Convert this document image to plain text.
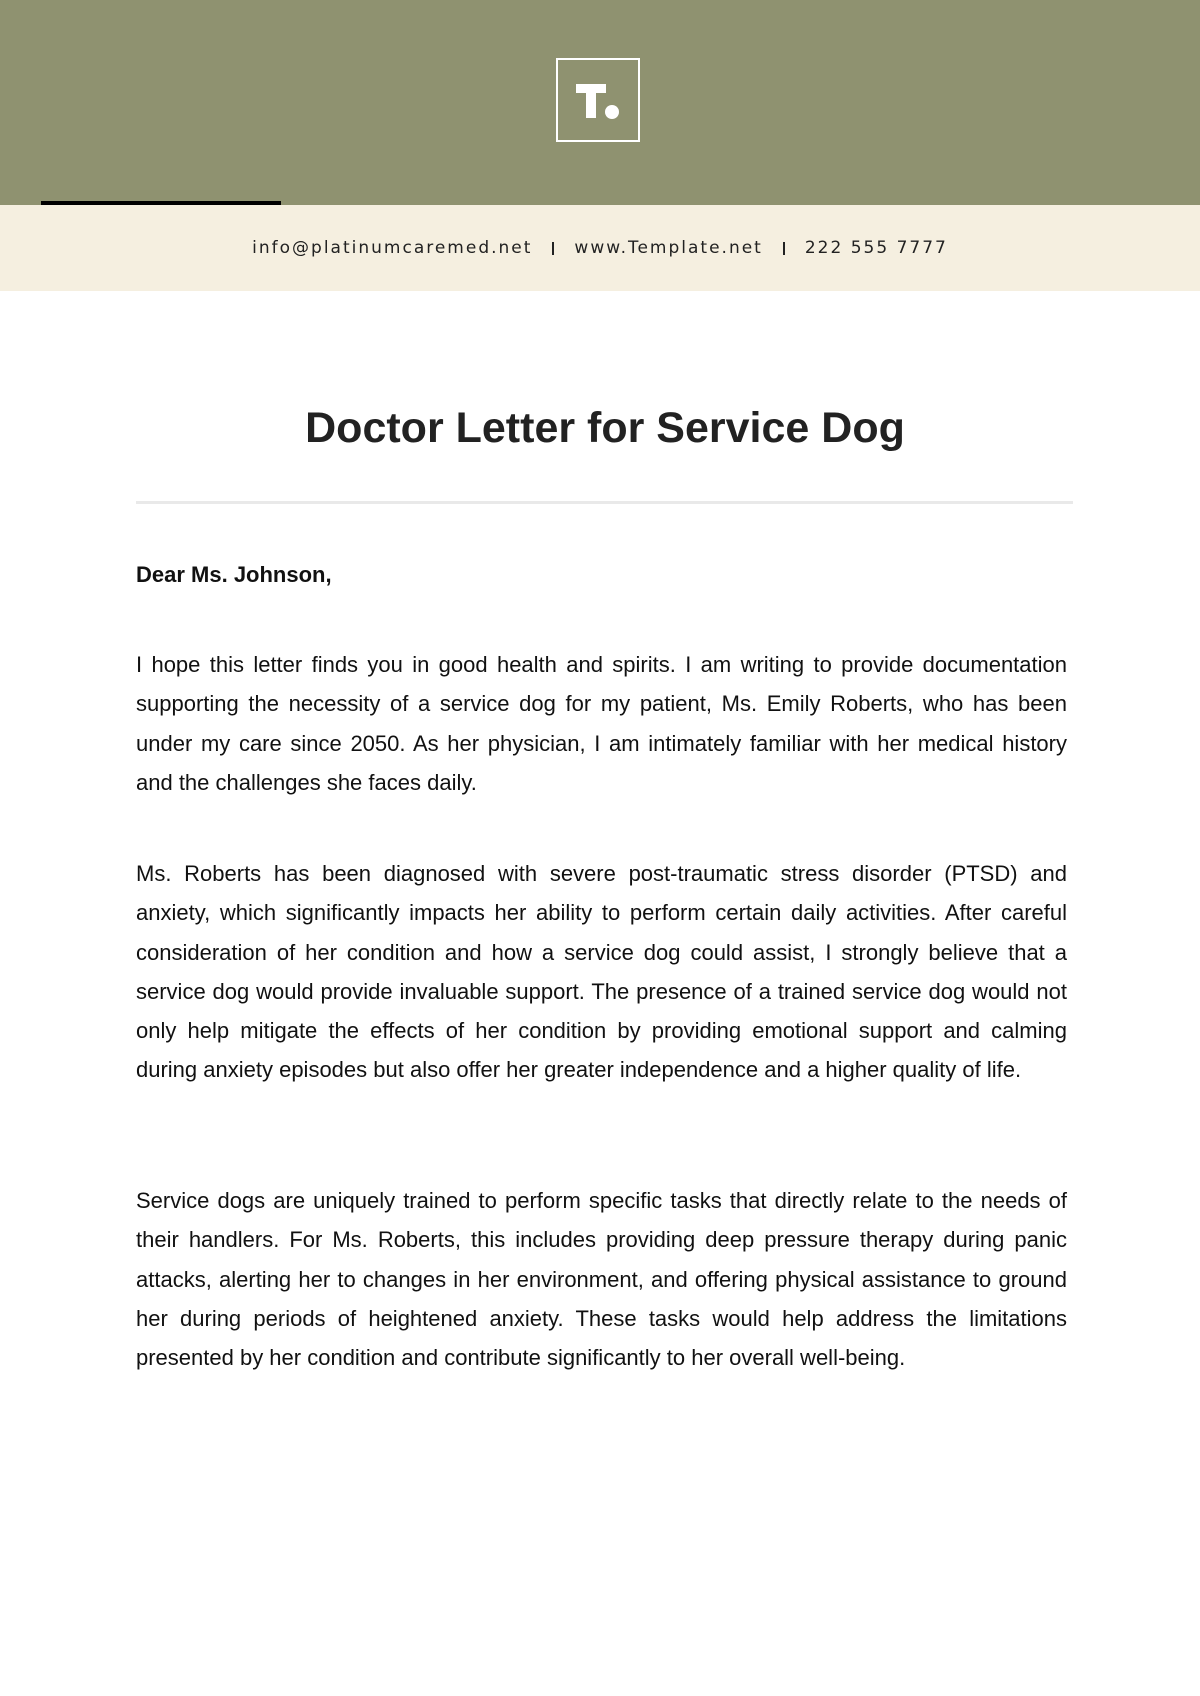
info@platinumcaremed.net www.Template.net 222 555 7777
Doctor Letter for Service Dog

Dear Ms. Johnson,

I hope this letter finds you in good health and spirits. I am writing to provide documentation supporting the necessity of a service dog for my patient, Ms. Emily Roberts, who has been under my care since 2050. As her physician, I am intimately familiar with her medical history and the challenges she faces daily.

Ms. Roberts has been diagnosed with severe post-traumatic stress disorder (PTSD) and anxiety, which significantly impacts her ability to perform certain daily activities. After careful consideration of her condition and how a service dog could assist, I strongly believe that a service dog would provide invaluable support. The presence of a trained service dog would not only help mitigate the effects of her condition by providing emotional support and calming during anxiety episodes but also offer her greater independence and a higher quality of life.

Service dogs are uniquely trained to perform specific tasks that directly relate to the needs of their handlers. For Ms. Roberts, this includes providing deep pressure therapy during panic attacks, alerting her to changes in her environment, and offering physical assistance to ground her during periods of heightened anxiety. These tasks would help address the limitations presented by her condition and contribute significantly to her overall well-being.
